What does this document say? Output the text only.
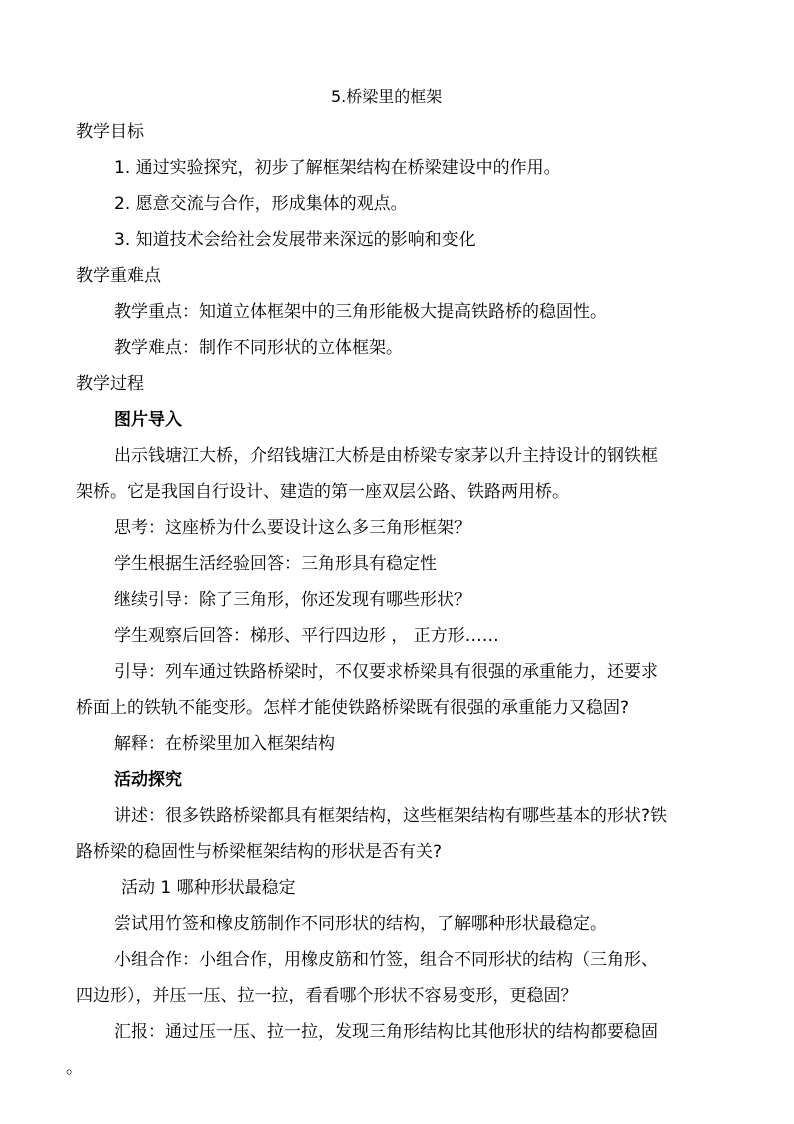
5.桥梁里的框架
教学目标
1. 通过实验探究，初步了解框架结构在桥梁建设中的作用。
2. 愿意交流与合作，形成集体的观点。
3. 知道技术会给社会发展带来深远的影响和变化
教学重难点
教学重点：知道立体框架中的三角形能极大提高铁路桥的稳固性。
教学难点：制作不同形状的立体框架。
教学过程
图片导入
出示钱塘江大桥，介绍钱塘江大桥是由桥梁专家茅以升主持设计的钢铁框
架桥。它是我国自行设计、建造的第一座双层公路、铁路两用桥。
思考：这座桥为什么要设计这么多三角形框架？
学生根据生活经验回答：三角形具有稳定性
继续引导：除了三角形，你还发现有哪些形状？
学生观察后回答：梯形、平行四边形 ， 正方形……
引导：列车通过铁路桥梁时，不仅要求桥梁具有很强的承重能力，还要求
桥面上的铁轨不能变形。怎样才能使铁路桥梁既有很强的承重能力又稳固?
解释：在桥梁里加入框架结构
活动探究
讲述：很多铁路桥梁都具有框架结构，这些框架结构有哪些基本的形状?铁
路桥梁的稳固性与桥梁框架结构的形状是否有关?
活动 1 哪种形状最稳定
尝试用竹签和橡皮筋制作不同形状的结构，了解哪种形状最稳定。
小组合作：小组合作，用橡皮筋和竹签，组合不同形状的结构（三角形、
四边形），并压一压、拉一拉，看看哪个形状不容易变形，更稳固？
汇报：通过压一压、拉一拉，发现三角形结构比其他形状的结构都要稳固
。
